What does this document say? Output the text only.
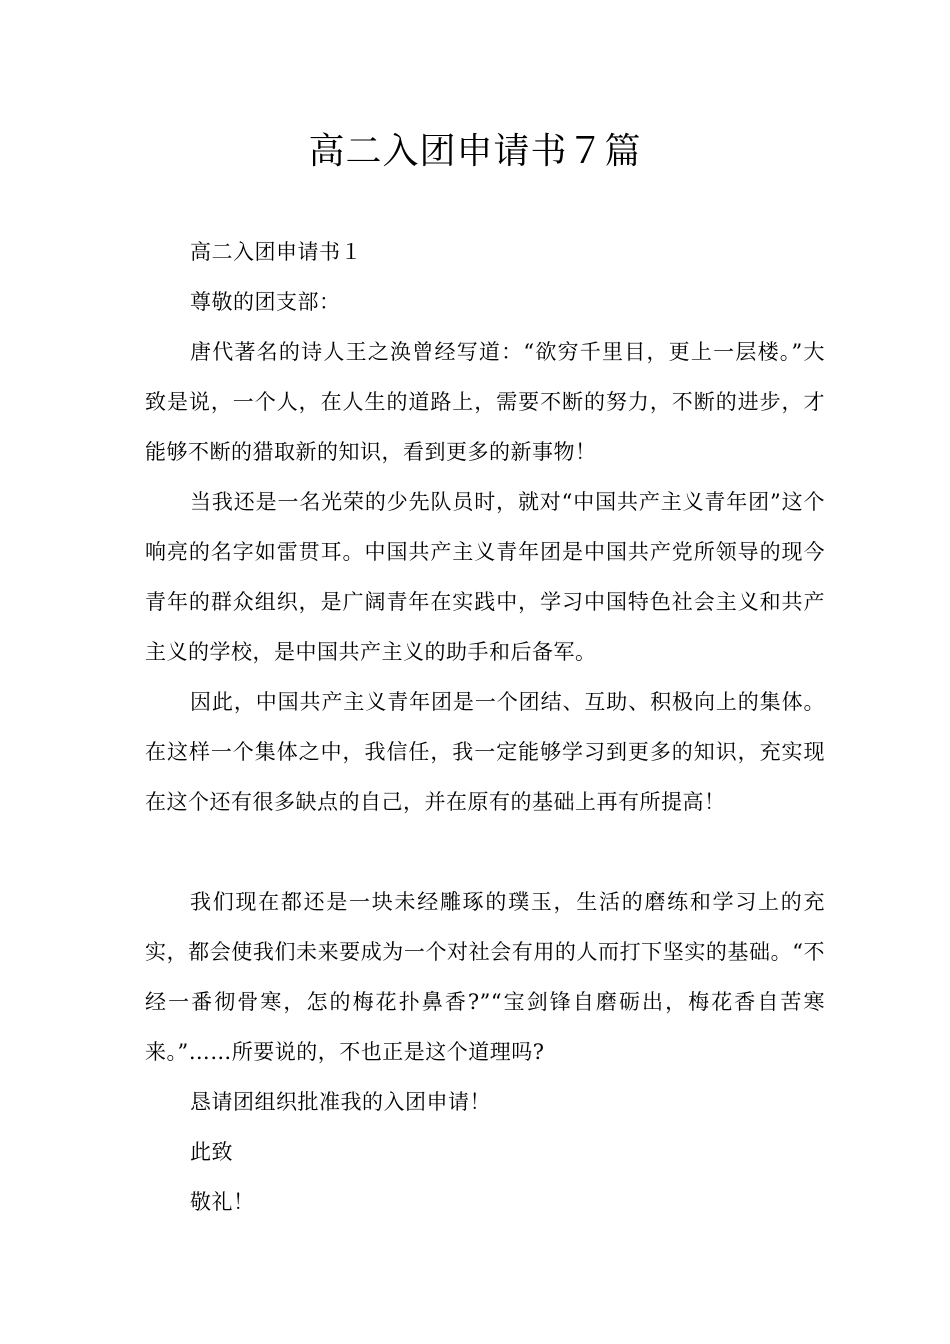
高二入团申请书７篇

高二入团申请书１

尊敬的团支部：

唐代著名的诗人王之涣曾经写道：“欲穷千里目，更上一层楼。”大致是说，一个人，在人生的道路上，需要不断的努力，不断的进步，才能够不断的猎取新的知识，看到更多的新事物！

当我还是一名光荣的少先队员时，就对“中国共产主义青年团”这个响亮的名字如雷贯耳。中国共产主义青年团是中国共产党所领导的现今青年的群众组织，是广阔青年在实践中，学习中国特色社会主义和共产主义的学校，是中国共产主义的助手和后备军。

因此，中国共产主义青年团是一个团结、互助、积极向上的集体。在这样一个集体之中，我信任，我一定能够学习到更多的知识，充实现在这个还有很多缺点的自己，并在原有的基础上再有所提高！

我们现在都还是一块未经雕琢的璞玉，生活的磨练和学习上的充实，都会使我们未来要成为一个对社会有用的人而打下坚实的基础。“不经一番彻骨寒，怎的梅花扑鼻香?”“宝剑锋自磨砺出，梅花香自苦寒来。”……所要说的，不也正是这个道理吗?

恳请团组织批准我的入团申请！

此致

敬礼！
